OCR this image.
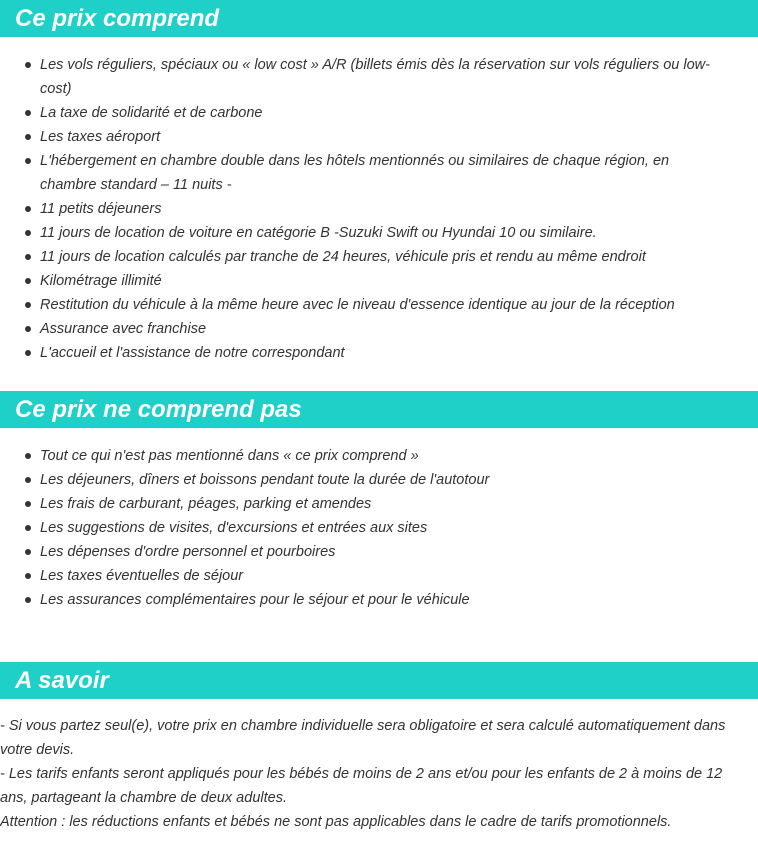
Ce prix comprend
Les vols réguliers, spéciaux ou « low cost » A/R (billets émis dès la réservation sur vols réguliers ou low-cost)
La taxe de solidarité et de carbone
Les taxes aéroport
L'hébergement en chambre double dans les hôtels mentionnés ou similaires de chaque région, en chambre standard – 11 nuits -
11 petits déjeuners
11 jours de location de voiture en catégorie B -Suzuki Swift ou Hyundai 10 ou similaire.
11 jours de location calculés par tranche de 24 heures, véhicule pris et rendu au même endroit
Kilométrage illimité
Restitution du véhicule à la même heure avec le niveau d'essence identique au jour de la réception
Assurance avec franchise
L'accueil et l'assistance de notre correspondant
Ce prix ne comprend pas
Tout ce qui n'est pas mentionné dans « ce prix comprend »
Les déjeuners, dîners et boissons pendant toute la durée de l'autotour
Les frais de carburant, péages, parking et amendes
Les suggestions de visites, d'excursions et entrées aux sites
Les dépenses d'ordre personnel et pourboires
Les taxes éventuelles de séjour
Les assurances complémentaires pour le séjour et pour le véhicule
A savoir

- Si vous partez seul(e), votre prix en chambre individuelle sera obligatoire et sera calculé automatiquement dans votre devis.

- Les tarifs enfants seront appliqués pour les bébés de moins de 2 ans et/ou pour les enfants de 2 à moins de 12 ans, partageant la chambre de deux adultes.

Attention : les réductions enfants et bébés ne sont pas applicables dans le cadre de tarifs promotionnels.
